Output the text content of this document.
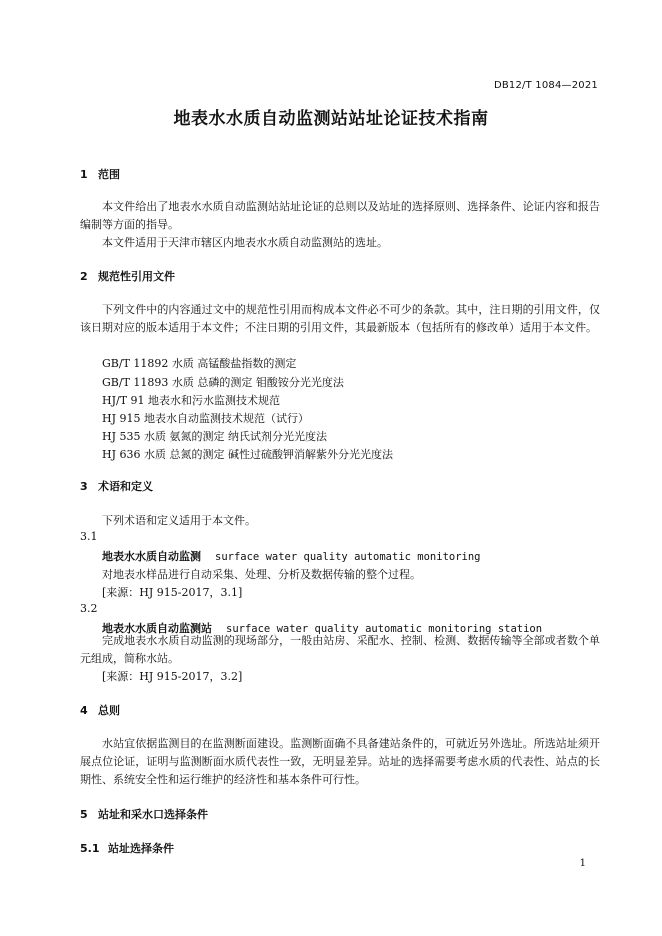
DB12/T 1084—2021
地表水水质自动监测站站址论证技术指南
1 范围
本文件给出了地表水水质自动监测站站址论证的总则以及站址的选择原则、选择条件、论证内容和报告编制等方面的指导。
本文件适用于天津市辖区内地表水水质自动监测站的选址。
2 规范性引用文件
下列文件中的内容通过文中的规范性引用而构成本文件必不可少的条款。其中，注日期的引用文件，仅该日期对应的版本适用于本文件；不注日期的引用文件，其最新版本（包括所有的修改单）适用于本文件。
GB/T 11892 水质 高锰酸盐指数的测定
GB/T 11893 水质 总磷的测定 钼酸铵分光光度法
HJ/T 91 地表水和污水监测技术规范
HJ 915 地表水自动监测技术规范（试行）
HJ 535 水质 氨氮的测定 纳氏试剂分光光度法
HJ 636 水质 总氮的测定 碱性过硫酸钾消解紫外分光光度法
3 术语和定义
下列术语和定义适用于本文件。
3.1
地表水水质自动监测 surface water quality automatic monitoring
对地表水样品进行自动采集、处理、分析及数据传输的整个过程。
[来源：HJ 915-2017，3.1]
3.2
地表水水质自动监测站 surface water quality automatic monitoring station
完成地表水水质自动监测的现场部分，一般由站房、采配水、控制、检测、数据传输等全部或者数个单元组成，简称水站。
[来源：HJ 915-2017，3.2]
4 总则
水站宜依据监测目的在监测断面建设。监测断面确不具备建站条件的，可就近另外选址。所选站址须开展点位论证，证明与监测断面水质代表性一致，无明显差异。站址的选择需要考虑水质的代表性、站点的长期性、系统安全性和运行维护的经济性和基本条件可行性。
5 站址和采水口选择条件
5.1 站址选择条件
1
